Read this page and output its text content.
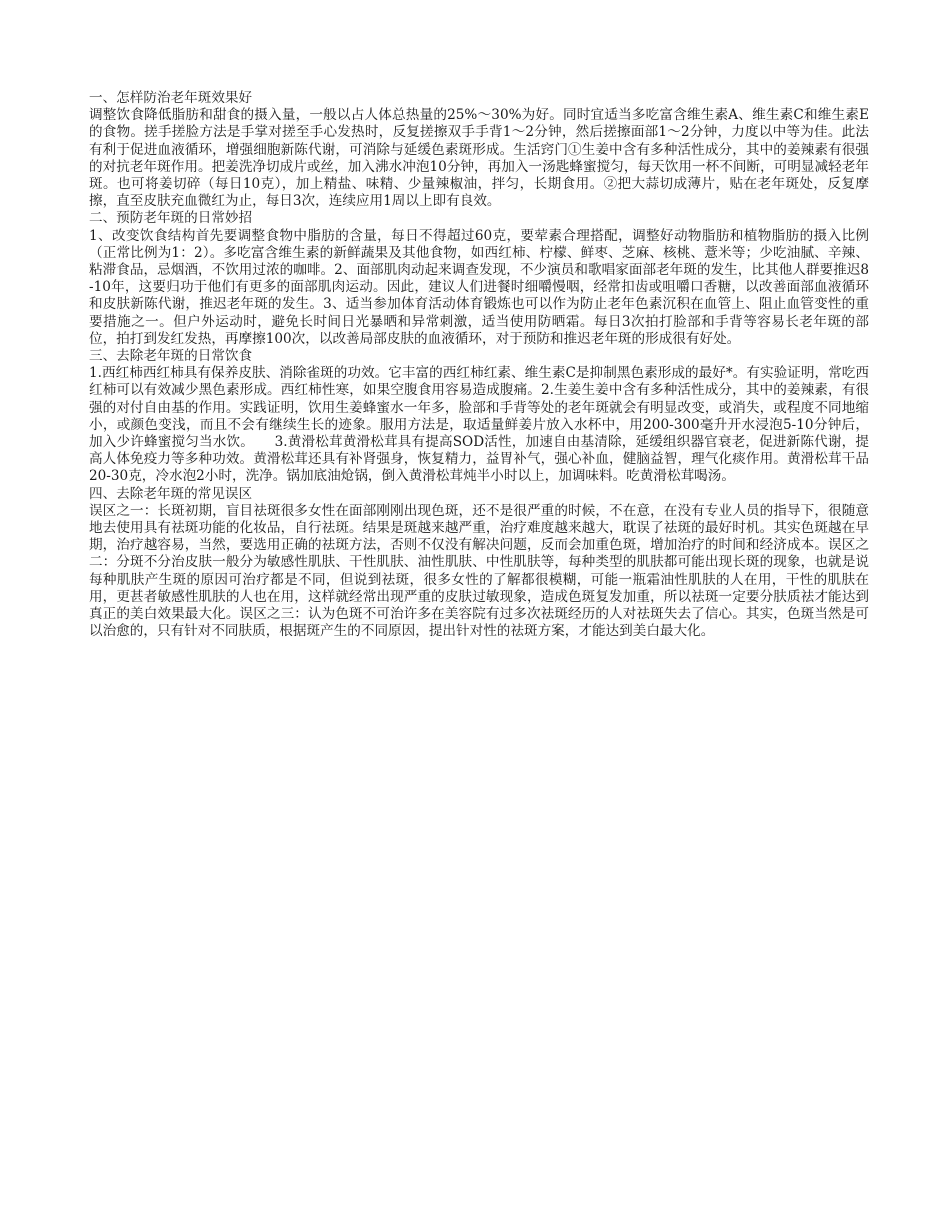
一、怎样防治老年斑效果好
调整饮食降低脂肪和甜食的摄入量，一般以占人体总热量的25%～30%为好。同时宜适当多吃富含维生素A、维生素C和维生素E的食物。搓手搓脸方法是手掌对搓至手心发热时，反复搓擦双手手背1～2分钟，然后搓擦面部1～2分钟，力度以中等为佳。此法有利于促进血液循环，增强细胞新陈代谢，可消除与延缓色素斑形成。生活窍门①生姜中含有多种活性成分，其中的姜辣素有很强的对抗老年斑作用。把姜洗净切成片或丝，加入沸水冲泡10分钟，再加入一汤匙蜂蜜搅匀，每天饮用一杯不间断，可明显减轻老年斑。也可将姜切碎（每日10克），加上精盐、味精、少量辣椒油，拌匀，长期食用。②把大蒜切成薄片，贴在老年斑处，反复摩擦，直至皮肤充血微红为止，每日3次，连续应用1周以上即有良效。
二、预防老年斑的日常妙招
1、改变饮食结构首先要调整食物中脂肪的含量，每日不得超过60克，要荤素合理搭配，调整好动物脂肪和植物脂肪的摄入比例（正常比例为1：2）。多吃富含维生素的新鲜蔬果及其他食物，如西红柿、柠檬、鲜枣、芝麻、核桃、薏米等；少吃油腻、辛辣、粘滞食品，忌烟酒，不饮用过浓的咖啡。2、面部肌肉动起来调查发现，不少演员和歌唱家面部老年斑的发生，比其他人群要推迟8-10年，这要归功于他们有更多的面部肌肉运动。因此，建议人们进餐时细嚼慢咽，经常扣齿或咀嚼口香糖，以改善面部血液循环和皮肤新陈代谢，推迟老年斑的发生。3、适当参加体育活动体育锻炼也可以作为防止老年色素沉积在血管上、阻止血管变性的重要措施之一。但户外运动时，避免长时间日光暴晒和异常刺激，适当使用防晒霜。每日3次拍打脸部和手背等容易长老年斑的部位，拍打到发红发热，再摩擦100次，以改善局部皮肤的血液循环，对于预防和推迟老年斑的形成很有好处。
三、去除老年斑的日常饮食
1.西红柿西红柿具有保养皮肤、消除雀斑的功效。它丰富的西红柿红素、维生素C是抑制黑色素形成的最好*。有实验证明，常吃西红柿可以有效减少黑色素形成。西红柿性寒，如果空腹食用容易造成腹痛。2.生姜生姜中含有多种活性成分，其中的姜辣素，有很强的对付自由基的作用。实践证明，饮用生姜蜂蜜水一年多，脸部和手背等处的老年斑就会有明显改变，或消失，或程度不同地缩小，或颜色变浅，而且不会有继续生长的迹象。服用方法是，取适量鲜姜片放入水杯中，用200-300毫升开水浸泡5-10分钟后，加入少许蜂蜜搅匀当水饮。　　3.黄滑松茸黄滑松茸具有提高SOD活性，加速自由基清除，延缓组织器官衰老，促进新陈代谢，提高人体免疫力等多种功效。黄滑松茸还具有补肾强身，恢复精力，益胃补气，强心补血，健脑益智，理气化痰作用。黄滑松茸干品20-30克，冷水泡2小时，洗净。锅加底油炝锅，倒入黄滑松茸炖半小时以上，加调味料。吃黄滑松茸喝汤。
四、去除老年斑的常见误区
误区之一：长斑初期，盲目祛斑很多女性在面部刚刚出现色斑，还不是很严重的时候，不在意，在没有专业人员的指导下，很随意地去使用具有祛斑功能的化妆品，自行祛斑。结果是斑越来越严重，治疗难度越来越大，耽误了祛斑的最好时机。其实色斑越在早期，治疗越容易，当然，要选用正确的祛斑方法，否则不仅没有解决问题，反而会加重色斑，增加治疗的时间和经济成本。误区之二：分斑不分治皮肤一般分为敏感性肌肤、干性肌肤、油性肌肤、中性肌肤等，每种类型的肌肤都可能出现长斑的现象，也就是说每种肌肤产生斑的原因可治疗都是不同，但说到祛斑，很多女性的了解都很模糊，可能一瓶霜油性肌肤的人在用，干性的肌肤在用，更甚者敏感性肌肤的人也在用，这样就经常出现严重的皮肤过敏现象，造成色斑复发加重，所以祛斑一定要分肤质祛才能达到真正的美白效果最大化。误区之三：认为色斑不可治许多在美容院有过多次祛斑经历的人对祛斑失去了信心。其实，色斑当然是可以治愈的，只有针对不同肤质，根据斑产生的不同原因，提出针对性的祛斑方案，才能达到美白最大化。
